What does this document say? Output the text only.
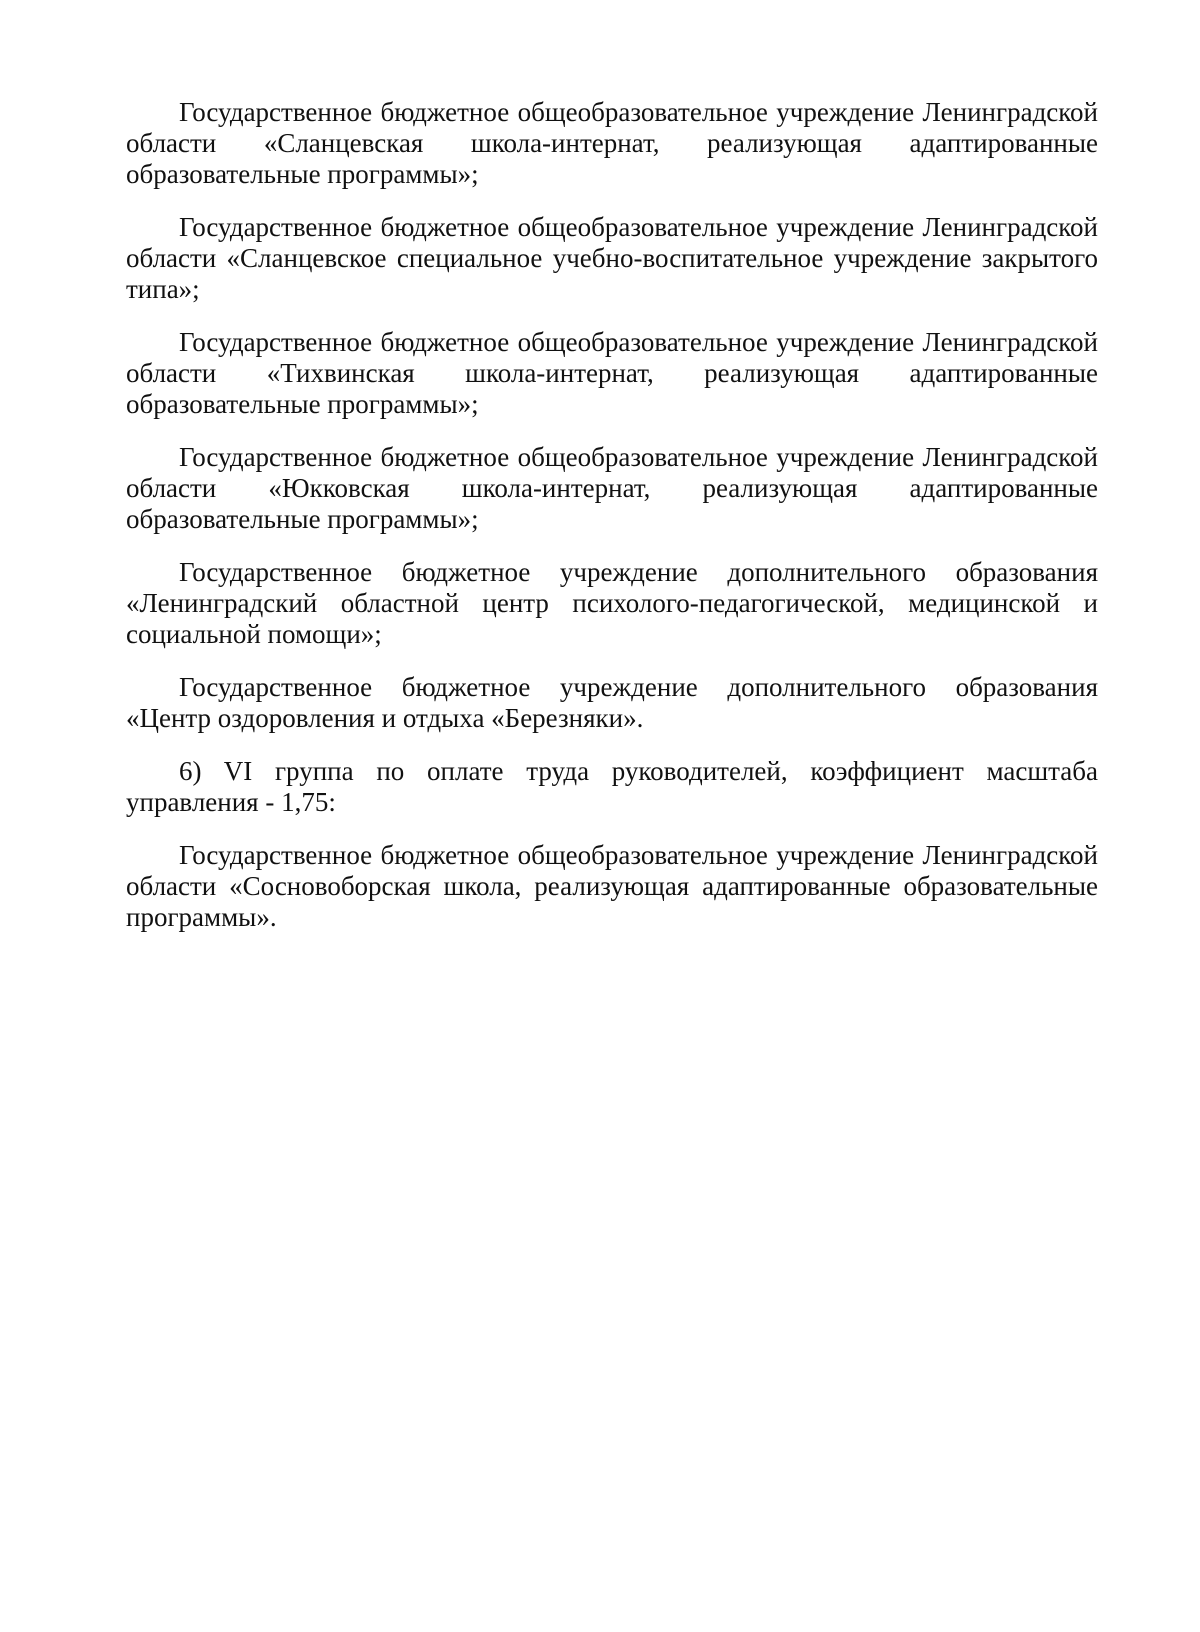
Государственное бюджетное общеобразовательное учреждение Ленинградской области «Сланцевская школа-интернат, реализующая адаптированные образовательные программы»;

Государственное бюджетное общеобразовательное учреждение Ленинградской области «Сланцевское специальное учебно-воспитательное учреждение закрытого типа»;

Государственное бюджетное общеобразовательное учреждение Ленинградской области «Тихвинская школа-интернат, реализующая адаптированные образовательные программы»;

Государственное бюджетное общеобразовательное учреждение Ленинградской области «Юкковская школа-интернат, реализующая адаптированные образовательные программы»;

Государственное бюджетное учреждение дополнительного образования «Ленинградский областной центр психолого-педагогической, медицинской и социальной помощи»;

Государственное бюджетное учреждение дополнительного образования «Центр оздоровления и отдыха «Березняки».

6) VI группа по оплате труда руководителей, коэффициент масштаба управления - 1,75:

Государственное бюджетное общеобразовательное учреждение Ленинградской области «Сосновоборская школа, реализующая адаптированные образовательные программы».
